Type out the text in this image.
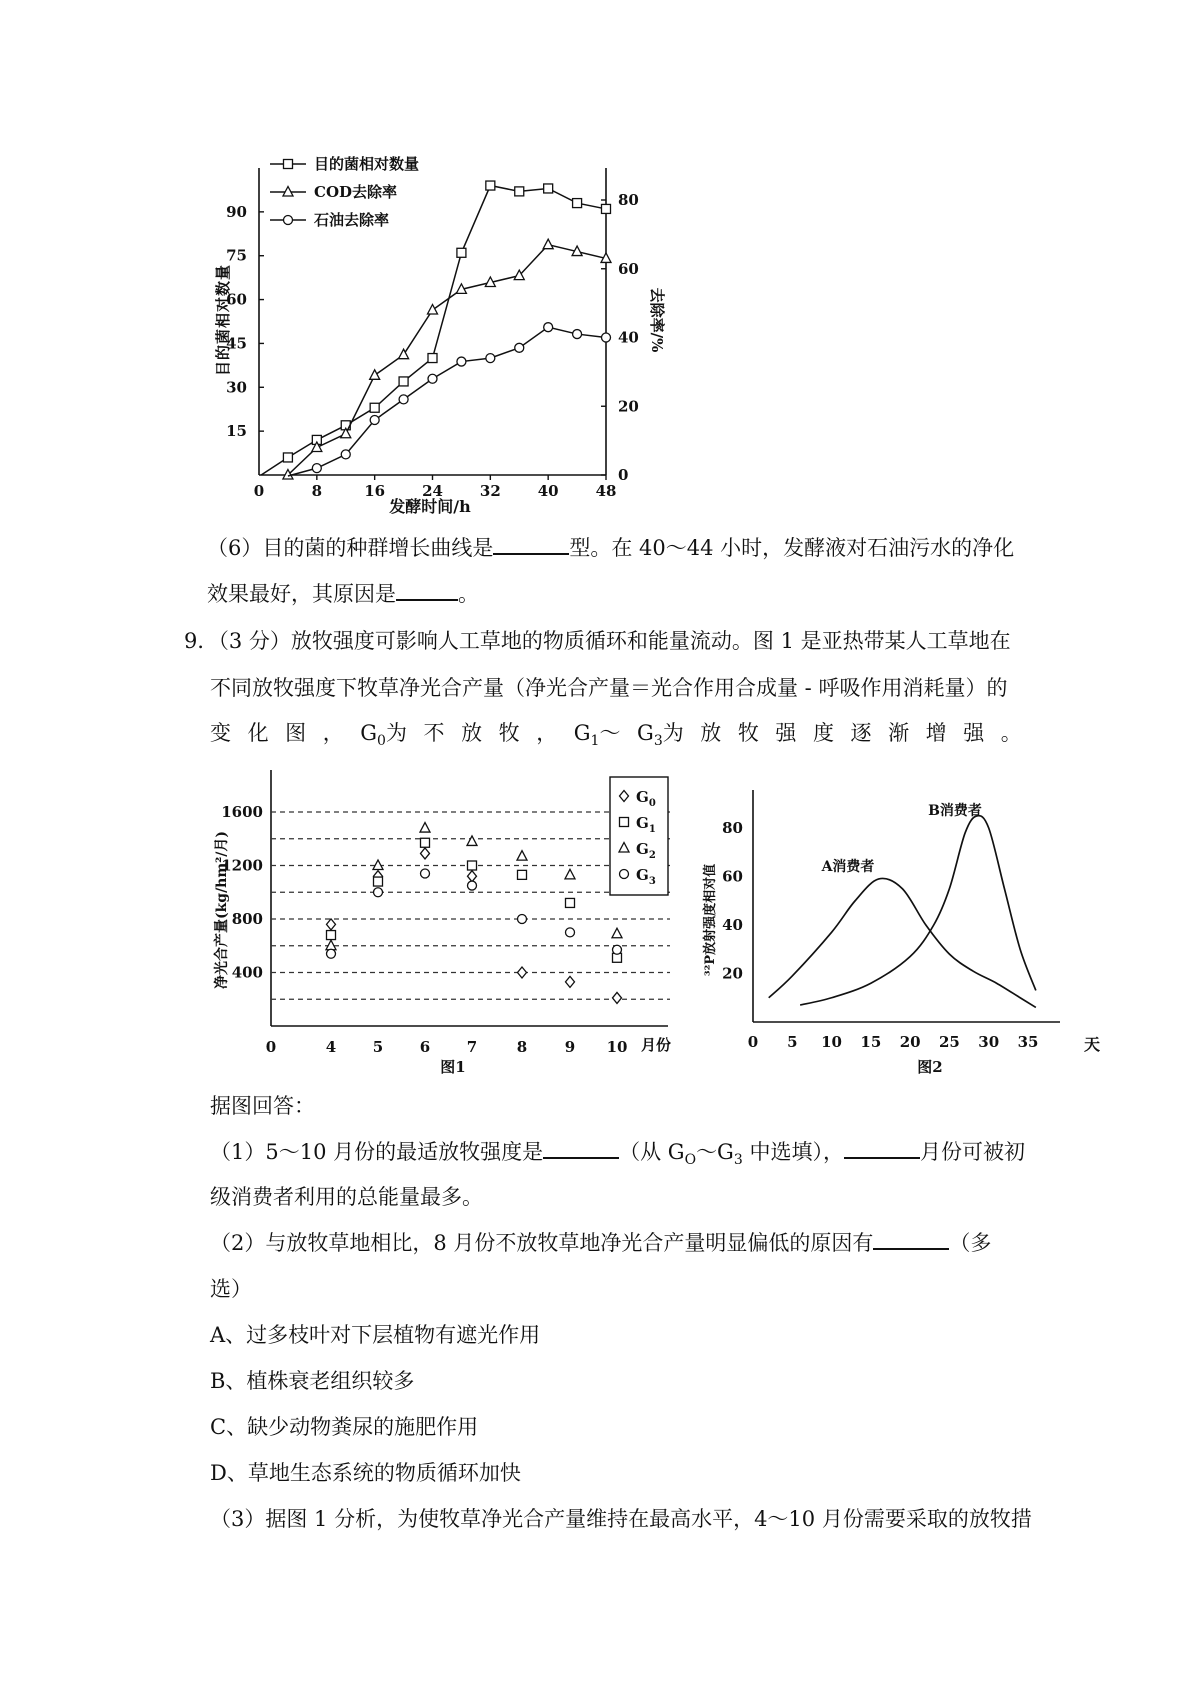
0	8	16 24 32 40 48
15
30
45
60
75
90
0
20
40
60
80
目的菌相对数量
COD去除率
石油去除率
目的菌相对数量	去除率/%
发酵时间/h
（6）目的菌的种群增长曲线是	型。在 40～44 小时，发酵液对石油污水的净化
效果最好，其原因是	。
9．（3 分）放牧强度可影响人工草地的物质循环和能量流动。图 1 是亚热带某人工草地在
不同放牧强度下牧草净光合产量（净光合产量＝光合作用合成量 - 呼吸作用消耗量）的
变 化 图 ， $G_0$为 不 放 牧 ， $G_1\sim$ $G_3$为 放 牧 强 度 逐 渐 增 强 。
0	4 5 6 7	8	9 10
400
800
1200
1600
$G_0$
$G_1$
$G_2$
$G_3$
净光合产量(kg/hm²/月)
月份
图1
0 5 10 15 20 25 30 35
20
40
60
80
A消费者
B消费者
³²P放射强度相对值
天
图2
据图回答：
（1）5～10 月份的最适放牧强度是	（从 $G_O\sim G_3$ 中选填），	月份可被初
级消费者利用的总能量最多。
（2）与放牧草地相比，8 月份不放牧草地净光合产量明显偏低的原因有	（多
选）
A、过多枝叶对下层植物有遮光作用
B、植株衰老组织较多
C、缺少动物粪尿的施肥作用
D、草地生态系统的物质循环加快
（3）据图 1 分析，为使牧草净光合产量维持在最高水平，4～10 月份需要采取的放牧措
